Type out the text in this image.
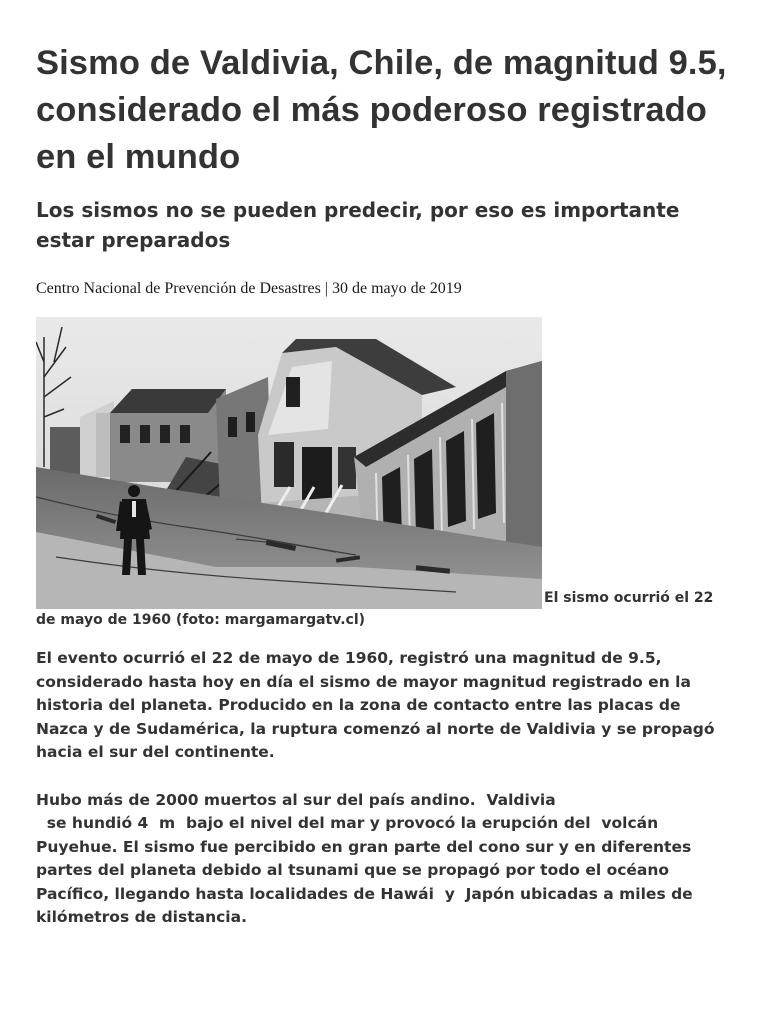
Sismo de Valdivia, Chile, de magnitud 9.5, considerado el más poderoso registrado en el mundo
Los sismos no se pueden predecir, por eso es importante estar preparados
Centro Nacional de Prevención de Desastres | 30 de mayo de 2019
El sismo ocurrió el 22 de mayo de 1960 (foto: margamargatv.cl)

El evento ocurrió el 22 de mayo de 1960, registró una magnitud de 9.5, considerado hasta hoy en día el sismo de mayor magnitud registrado en la historia del planeta. Producido en la zona de contacto entre las placas de Nazca y de Sudamérica, la ruptura comenzó al norte de Valdivia y se propagó hacia el sur del continente.

Hubo más de 2000 muertos al sur del país andino.  Valdivia  se hundió 4  m  bajo el nivel del mar y provocó la erupción del  volcán Puyehue. El sismo fue percibido en gran parte del cono sur y en diferentes partes del planeta debido al tsunami que se propagó por todo el océano Pacífico, llegando hasta localidades de Hawái  y  Japón ubicadas a miles de kilómetros de distancia.
